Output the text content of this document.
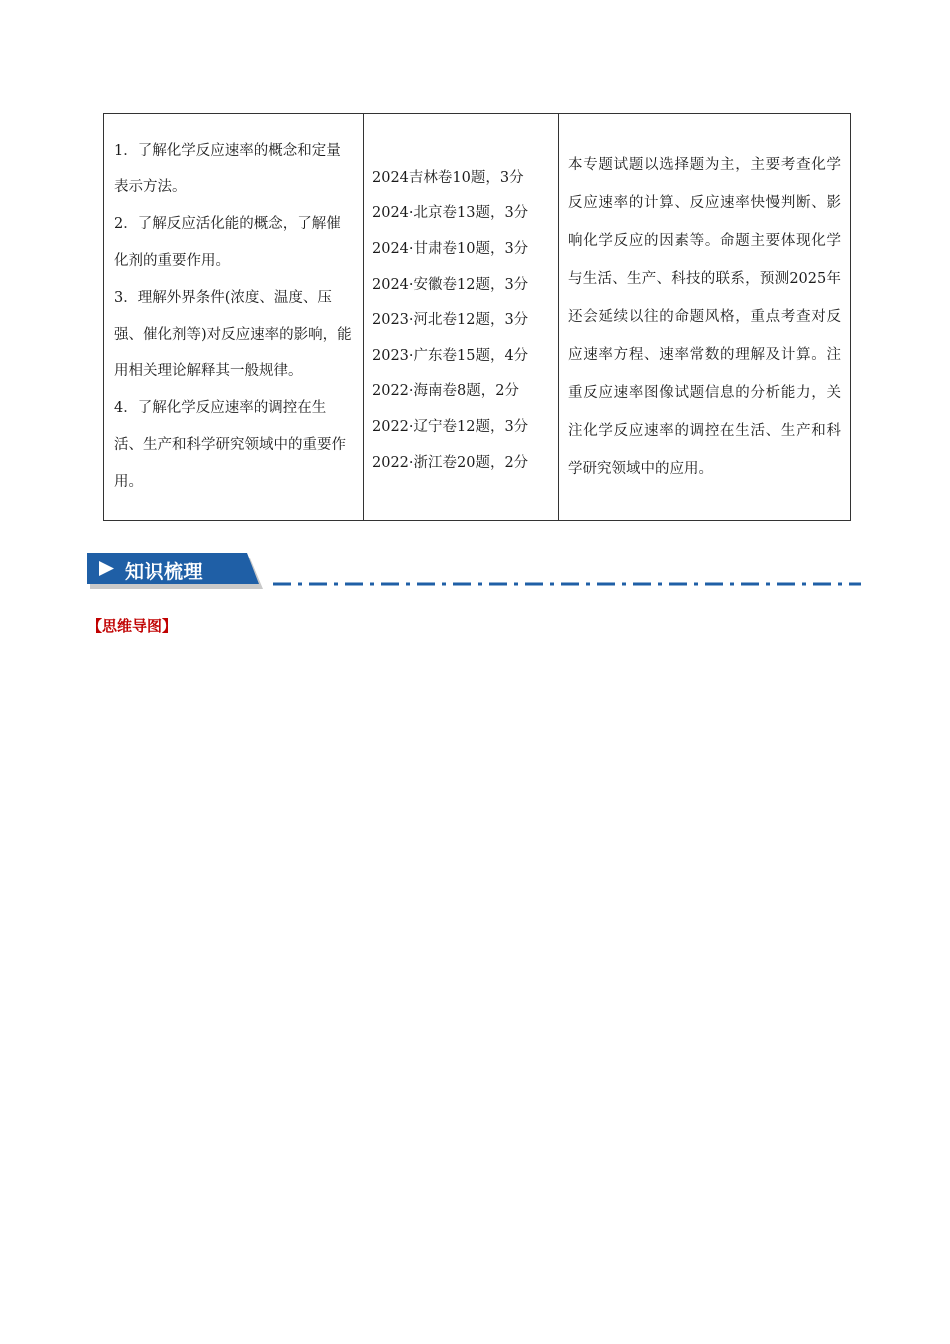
1．了解化学反应速率的概念和定量表示方法。
2．了解反应活化能的概念，了解催化剂的重要作用。
3．理解外界条件(浓度、温度、压强、催化剂等)对反应速率的影响，能用相关理论解释其一般规律。
4．了解化学反应速率的调控在生活、生产和科学研究领域中的重要作用。

2024吉林卷10题，3分
2024·北京卷13题，3分
2024·甘肃卷10题，3分
2024·安徽卷12题，3分
2023·河北卷12题，3分
2023·广东卷15题，4分
2022·海南卷8题，2分
2022·辽宁卷12题，3分
2022·浙江卷20题，2分

本专题试题以选择题为主，主要考查化学反应速率的计算、反应速率快慢判断、影响化学反应的因素等。命题主要体现化学与生活、生产、科技的联系，预测2025年还会延续以往的命题风格，重点考查对反应速率方程、速率常数的理解及计算。注重反应速率图像试题信息的分析能力，关注化学反应速率的调控在生活、生产和科学研究领域中的应用。
知识梳理
【思维导图】
